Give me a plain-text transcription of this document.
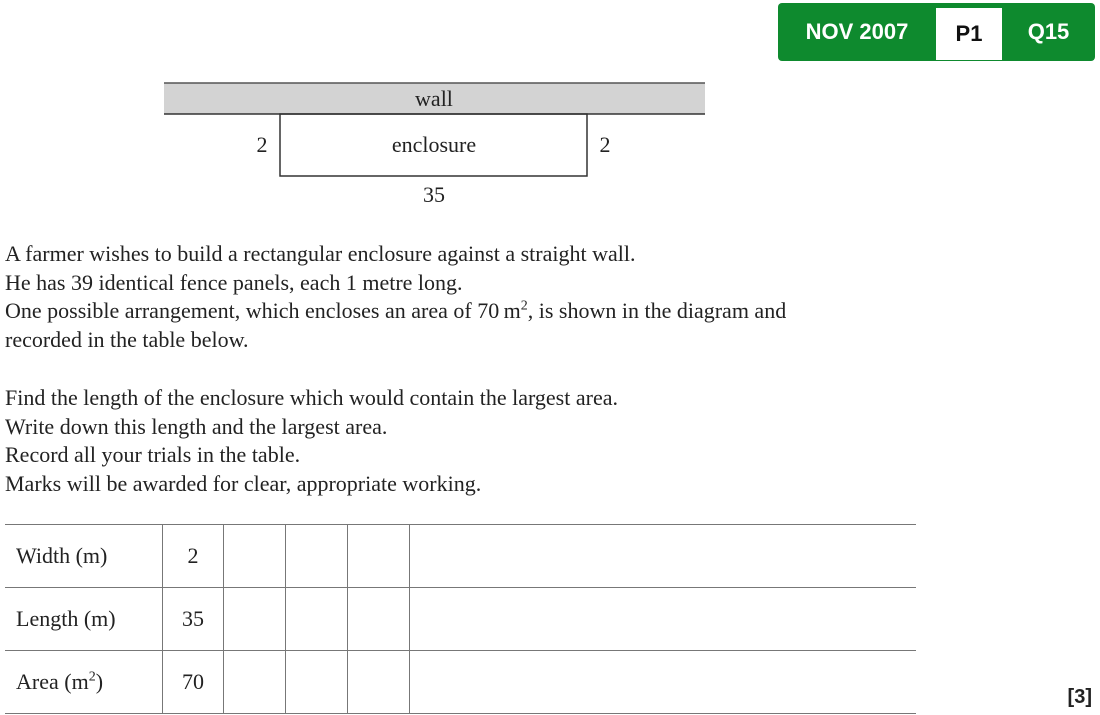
NOV 2007	P1	Q15
wall
enclosure
2	2
35

A farmer wishes to build a rectangular enclosure against a straight wall.
He has 39 identical fence panels, each 1 metre long.
One possible arrangement, which encloses an area of 70 $m^2$, is shown in the diagram and
recorded in the table below.

Find the length of the enclosure which would contain the largest area.
Write down this length and the largest area.
Record all your trials in the table.
Marks will be awarded for clear, appropriate working.

Width (m)	2				
Length (m)	35				
Area $(m^2)$	70				
[3]
